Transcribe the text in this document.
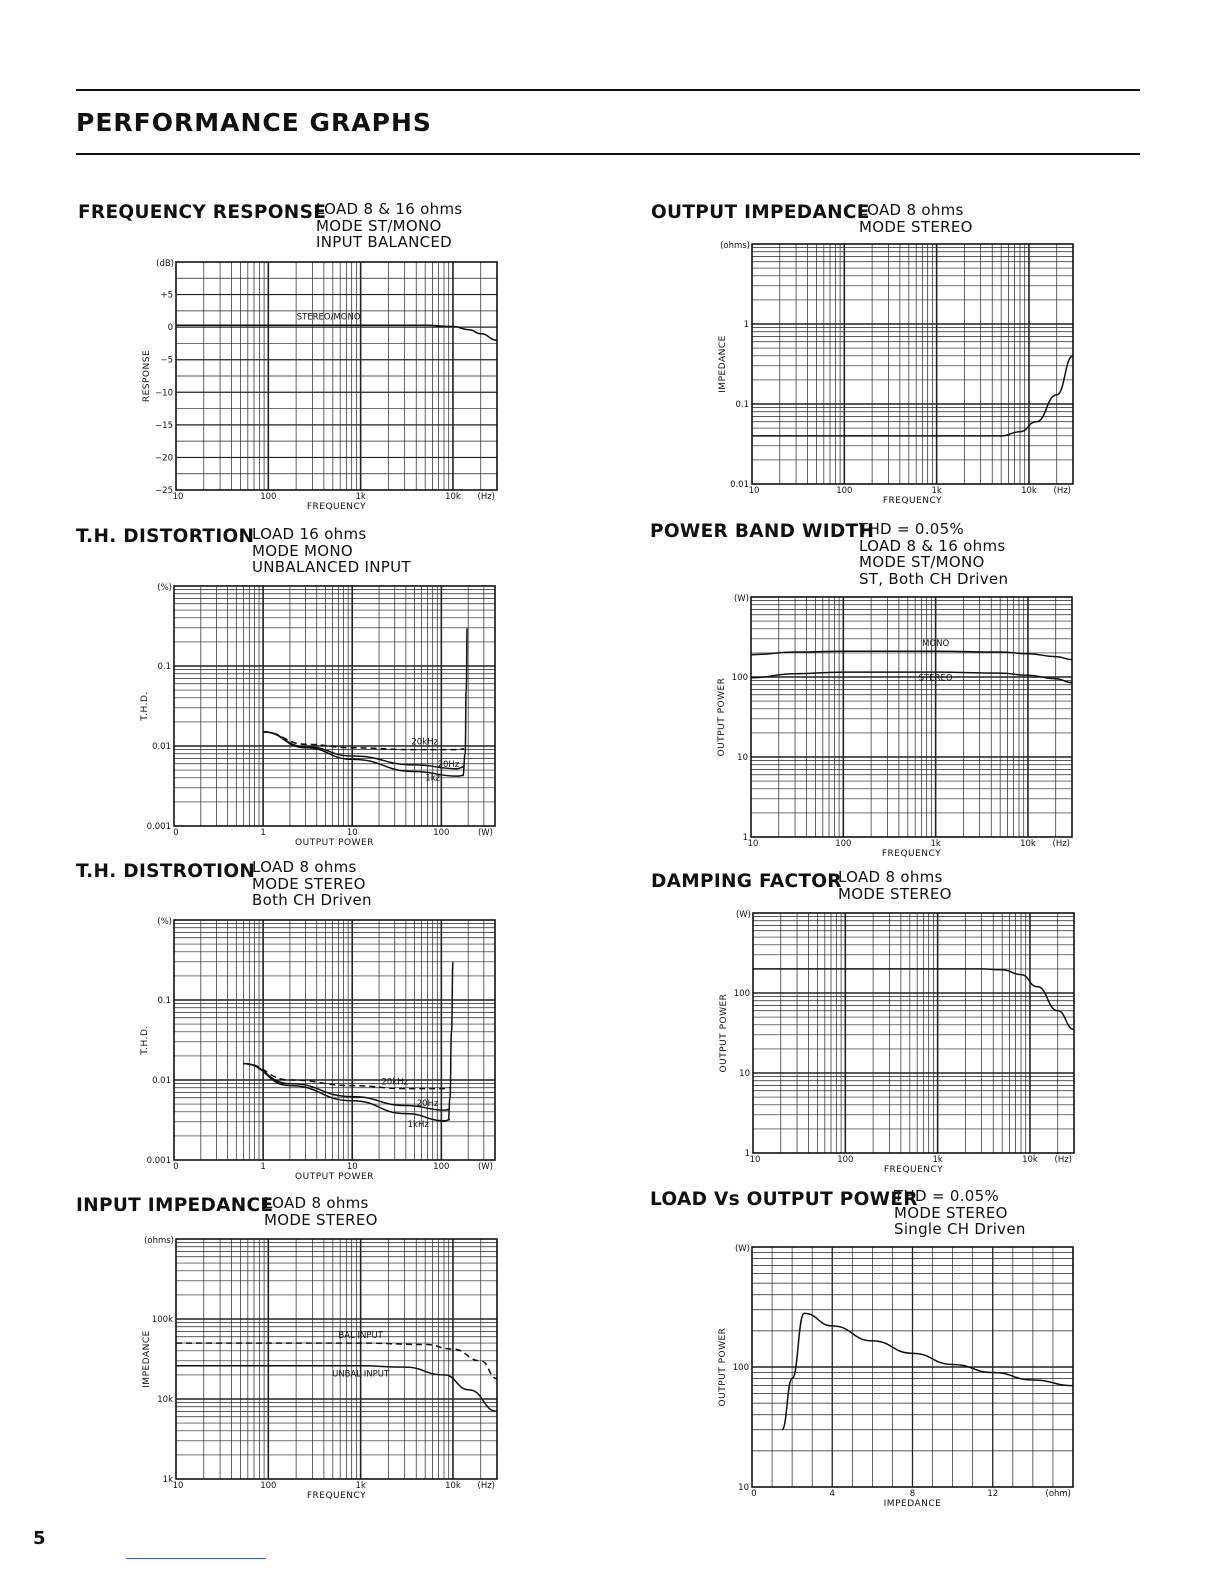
PERFORMANCE GRAPHS
FREQUENCY RESPONSE
LOAD 8 & 16 ohms
MODE ST/MONO
INPUT BALANCED
10	100	1k	10k (Hz)
+5
0
−5
−10
−15
−20
−25
(dB)
FREQUENCY
RESPONSE
STEREO/MONO
T.H. DISTORTION
LOAD 16 ohms
MODE MONO
UNBALANCED INPUT
0	1	10	100	(W)
0.1
0.01
0.001
(%)
OUTPUT POWER
T.H.D.
20kHz
20Hz
1kz
T.H. DISTROTION
LOAD 8 ohms
MODE STEREO
Both CH Driven
0	1	10	100	(W)
0.1
0.01
0.001
(%)
OUTPUT POWER
T.H.D.
20kHz
20Hz
1kHz
INPUT IMPEDANCE
LOAD 8 ohms
MODE STEREO
10	100	1k	10k (Hz)
100k
10k
1k
(ohms)
FREQUENCY
IMPEDANCE	BAL INPUT
UNBAL INPUT
OUTPUT IMPEDANCE
LOAD 8 ohms
MODE STEREO
10	100	1k	10k (Hz)
1
0.1
0.01
(ohms)
FREQUENCY
IMPEDANCE
POWER BAND WIDTH
THD = 0.05%
LOAD 8 & 16 ohms
MODE ST/MONO
ST, Both CH Driven
10	100	1k	10k (Hz)
100
10
1
(W)
FREQUENCY
OUTPUT POWER
MONO
STEREO
DAMPING FACTOR
LOAD 8 ohms
MODE STEREO
10	100	1k	10k (Hz)
100
10
1
(W)
FREQUENCY
OUTPUT POWER
LOAD Vs OUTPUT POWER
THD = 0.05%
MODE STEREO
Single CH Driven
0	4	8	12	(ohm)
100
10
(W)
IMPEDANCE
OUTPUT POWER
5
